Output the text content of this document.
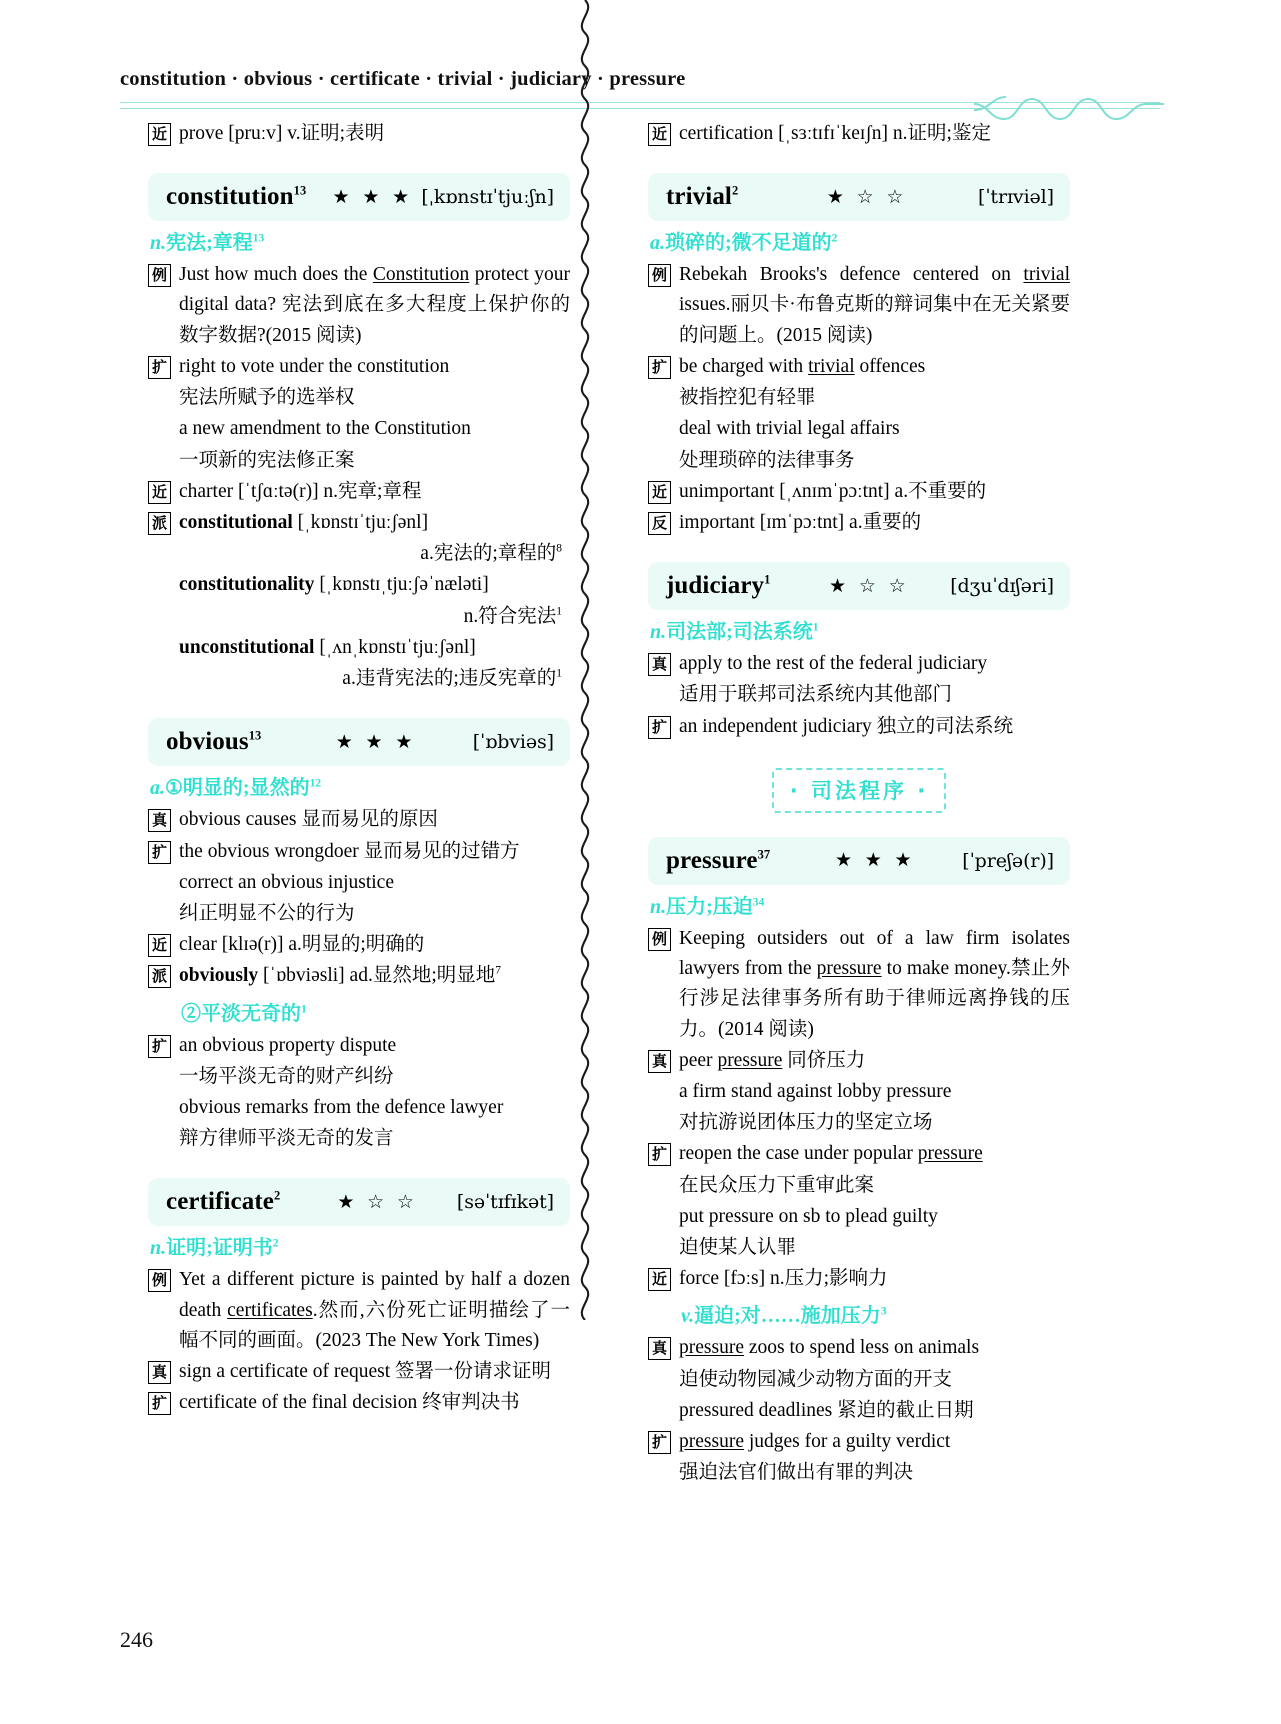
constitution · obvious · certificate · trivial · judiciary · pressure
近 prove [pruːv] v.证明;表明
constitution$^{13}$	★ ★ ★ [ˌkɒnstɪˈtjuːʃn]
n.宪法;章程$^{13}$
例 Just how much does the Constitution protect your digital data? 宪法到底在多大程度上保护你的数字数据?(2015 阅读)
扩 right to vote under the constitution
宪法所赋予的选举权
a new amendment to the Constitution
一项新的宪法修正案
近 charter [ˈtʃɑːtə(r)] n.宪章;章程
派 constitutional [ˌkɒnstɪˈtjuːʃənl]
a.宪法的;章程的$^8$
constitutionality [ˌkɒnstɪˌtjuːʃəˈnæləti]
n.符合宪法$^1$
unconstitutional [ˌʌnˌkɒnstɪˈtjuːʃənl]
a.违背宪法的;违反宪章的$^1$
obvious$^{13}$	★ ★ ★	[ˈɒbviəs]
a.①明显的;显然的$^{12}$
真 obvious causes 显而易见的原因
扩 the obvious wrongdoer 显而易见的过错方
correct an obvious injustice
纠正明显不公的行为
近 clear [klɪə(r)] a.明显的;明确的
派 obviously [ˈɒbviəsli] ad.显然地;明显地$^7$
②平淡无奇的$^1$
扩 an obvious property dispute
一场平淡无奇的财产纠纷
obvious remarks from the defence lawyer
辩方律师平淡无奇的发言
certificate$^2$	★ ☆ ☆ [səˈtɪfɪkət]
n.证明;证明书$^2$
例 Yet a different picture is painted by half a dozen death certificates.然而,六份死亡证明描绘了一幅不同的画面。(2023 The New York Times)
真 sign a certificate of request 签署一份请求证明
扩 certificate of the final decision 终审判决书
近 certification [ˌsɜːtɪfɪˈkeɪʃn] n.证明;鉴定
trivial$^2$	★ ☆ ☆	[ˈtrɪviəl]
a.琐碎的;微不足道的$^2$
例 Rebekah Brooks's defence centered on trivial issues.丽贝卡·布鲁克斯的辩词集中在无关紧要的问题上。(2015 阅读)
扩 be charged with trivial offences
被指控犯有轻罪
deal with trivial legal affairs
处理琐碎的法律事务
近 unimportant [ˌʌnɪmˈpɔːtnt] a.不重要的
反 important [ɪmˈpɔːtnt] a.重要的
judiciary$^1$	★ ☆ ☆ [dʒuˈdɪʃəri]
n.司法部;司法系统$^1$
真 apply to the rest of the federal judiciary
适用于联邦司法系统内其他部门
扩 an independent judiciary 独立的司法系统
· 司法程序 ·
pressure$^{37}$	★ ★ ★ [ˈpreʃə(r)]
n.压力;压迫$^{34}$
例 Keeping outsiders out of a law firm isolates lawyers from the pressure to make money.禁止外行涉足法律事务所有助于律师远离挣钱的压力。(2014 阅读)
真 peer pressure 同侪压力
a firm stand against lobby pressure
对抗游说团体压力的坚定立场
扩 reopen the case under popular pressure
在民众压力下重审此案
put pressure on sb to plead guilty
迫使某人认罪
近 force [fɔːs] n.压力;影响力
v.逼迫;对……施加压力$^3$
真 pressure zoos to spend less on animals
迫使动物园减少动物方面的开支
pressured deadlines 紧迫的截止日期
扩 pressure judges for a guilty verdict
强迫法官们做出有罪的判决
246
